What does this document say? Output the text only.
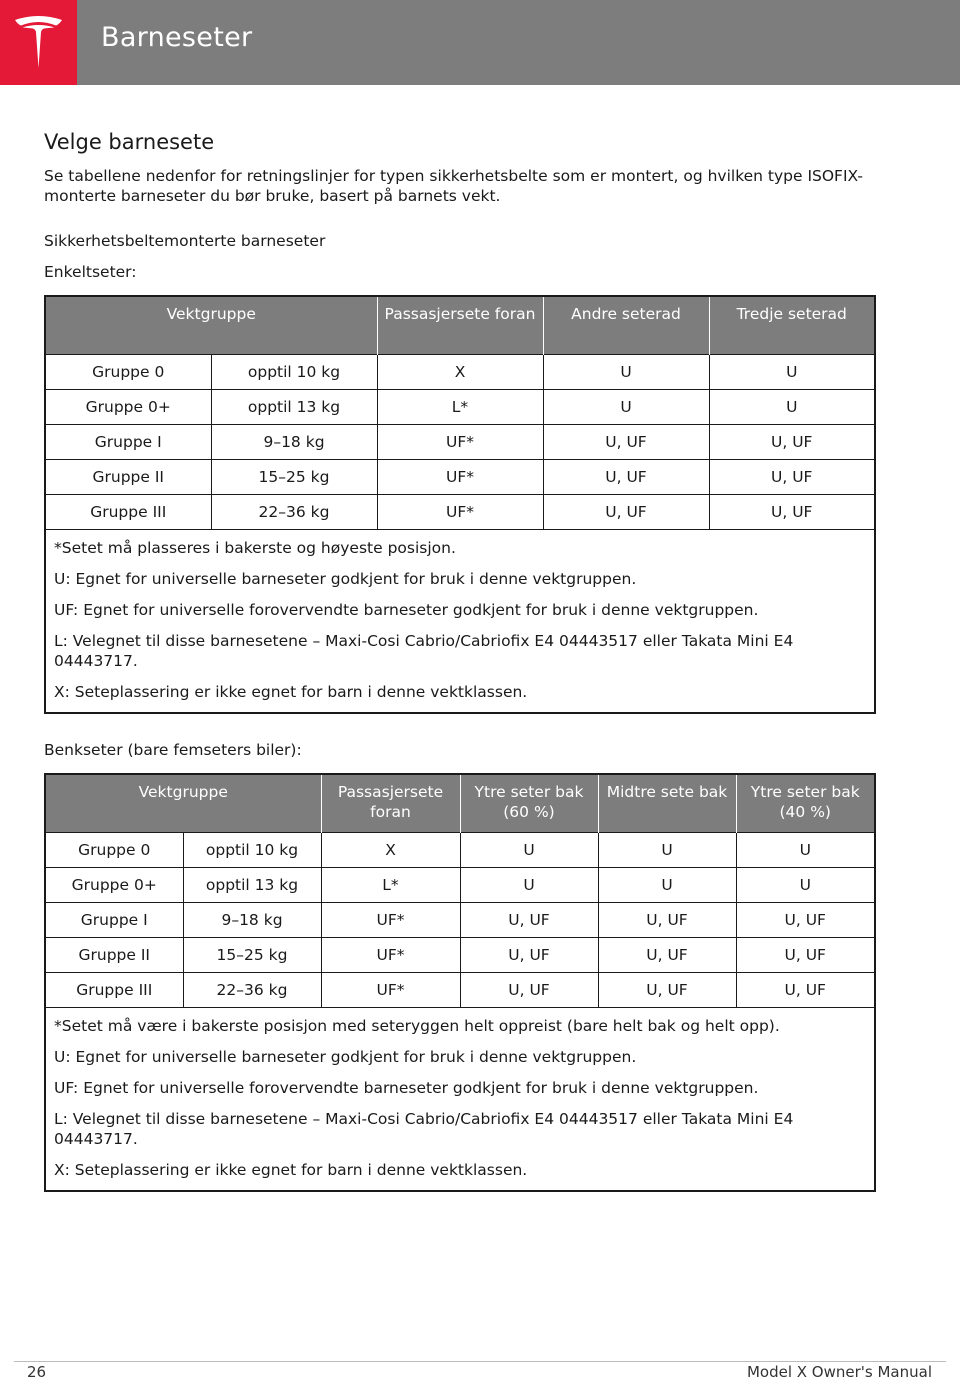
Barneseter
Velge barnesete

Se tabellene nedenfor for retningslinjer for typen sikkerhetsbelte som er montert, og hvilken type ISOFIX-monterte barneseter du bør bruke, basert på barnets vekt.

Sikkerhetsbeltemonterte barneseter

Enkeltseter:

Vektgruppe		Passasjersete foran	Andre seterad	Tredje seterad
Gruppe 0	opptil 10 kg	X	U	U
Gruppe 0+	opptil 13 kg	L*	U	U
Gruppe I	9–18 kg	UF*	U, UF	U, UF
Gruppe II	15–25 kg	UF*	U, UF	U, UF
Gruppe III	22–36 kg	UF*	U, UF	U, UF

*Setet må plasseres i bakerste og høyeste posisjon.

U: Egnet for universelle barneseter godkjent for bruk i denne vektgruppen.

UF: Egnet for universelle forovervendte barneseter godkjent for bruk i denne vektgruppen.

L: Velegnet til disse barnesetene – Maxi-Cosi Cabrio/Cabriofix E4 04443517 eller Takata Mini E4 04443717.

X: Seteplassering er ikke egnet for barn i denne vektklassen.				

Benkseter (bare femseters biler):

Vektgruppe		Passasjersete foran	Ytre seter bak (60 %)	Midtre sete bak	Ytre seter bak (40 %)
Gruppe 0	opptil 10 kg	X	U	U	U
Gruppe 0+	opptil 13 kg	L*	U	U	U
Gruppe I	9–18 kg	UF*	U, UF	U, UF	U, UF
Gruppe II	15–25 kg	UF*	U, UF	U, UF	U, UF
Gruppe III	22–36 kg	UF*	U, UF	U, UF	U, UF

*Setet må være i bakerste posisjon med seteryggen helt oppreist (bare helt bak og helt opp).

U: Egnet for universelle barneseter godkjent for bruk i denne vektgruppen.

UF: Egnet for universelle forovervendte barneseter godkjent for bruk i denne vektgruppen.

L: Velegnet til disse barnesetene – Maxi-Cosi Cabrio/Cabriofix E4 04443517 eller Takata Mini E4 04443717.

X: Seteplassering er ikke egnet for barn i denne vektklassen.					

26	Model X Owner's Manual
